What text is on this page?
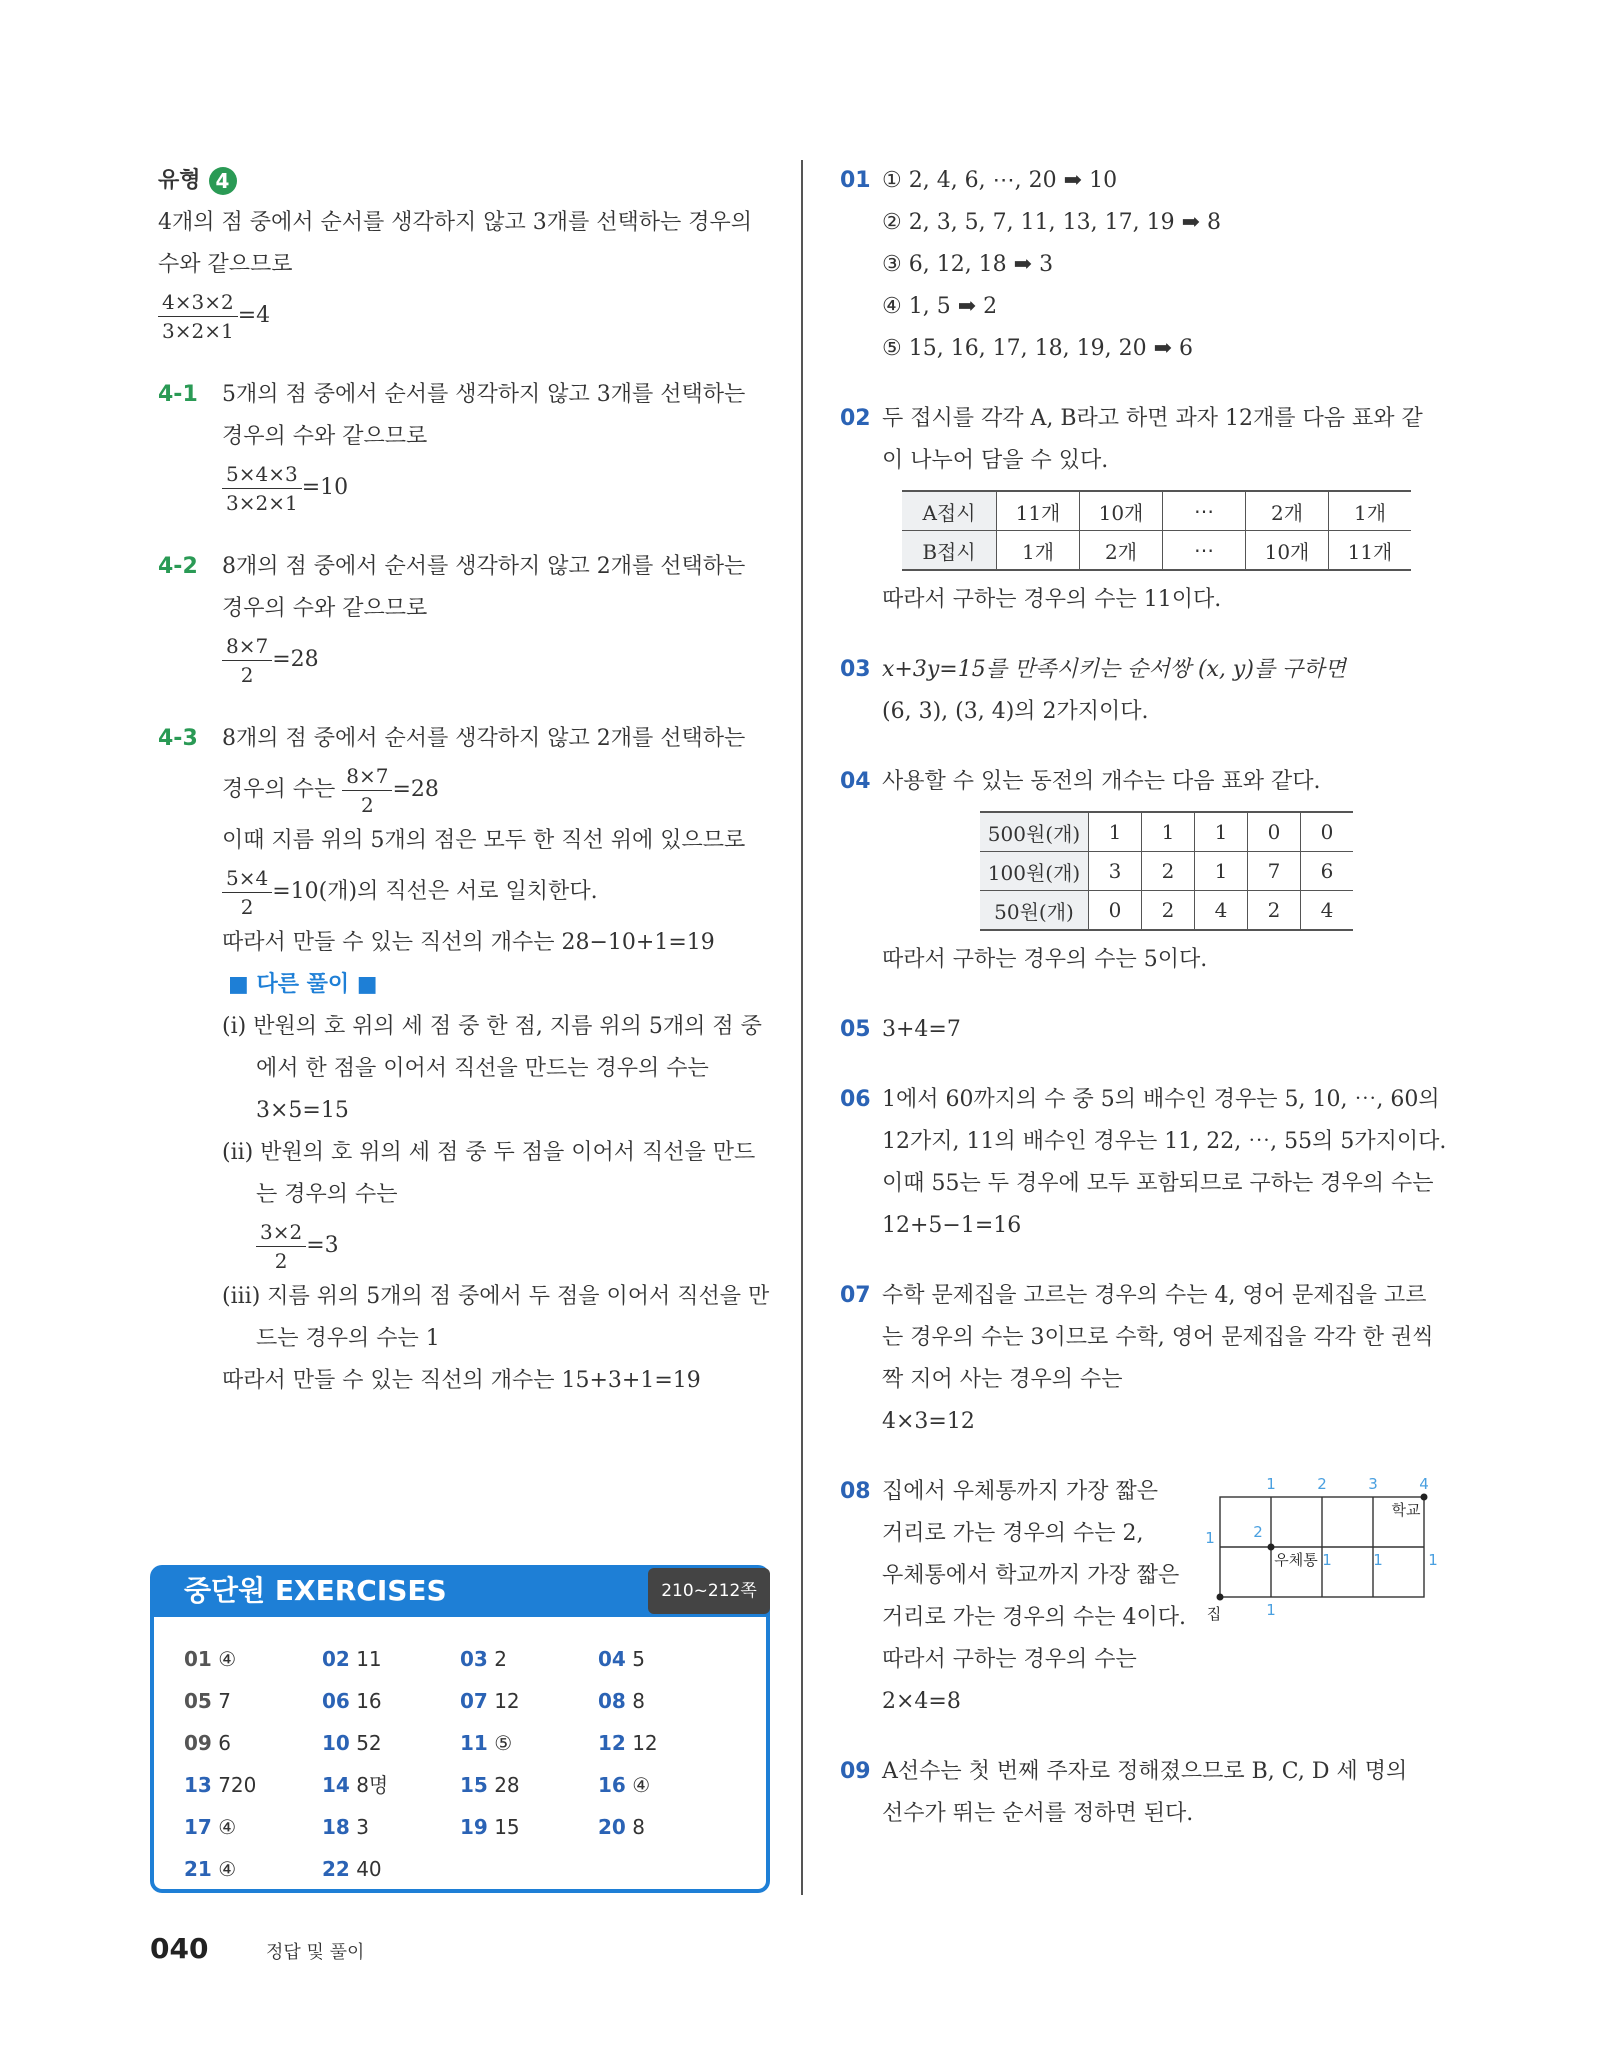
유형 4
4개의 점 중에서 순서를 생각하지 않고 3개를 선택하는 경우의
수와 같으므로
$\frac{4\times 3\times 2}{3\times 2\times 1} =4$
4-1	5개의 점 중에서 순서를 생각하지 않고 3개를 선택하는
경우의 수와 같으므로
$\frac{5\times 4\times 3}{3\times 2\times 1} =10$
4-2	8개의 점 중에서 순서를 생각하지 않고 2개를 선택하는
경우의 수와 같으므로
$\frac{8\times 7}{2} =28$
4-3	8개의 점 중에서 순서를 생각하지 않고 2개를 선택하는
경우의 수는 $\frac{8\times 7}{2} =28$
이때 지름 위의 5개의 점은 모두 한 직선 위에 있으므로
$\frac{5\times 4}{2} =10$(개)의 직선은 서로 일치한다.
따라서 만들 수 있는 직선의 개수는 28−10+1=19
■ 다른 풀이 ■
(ⅰ) 반원의 호 위의 세 점 중 한 점, 지름 위의 5개의 점 중
에서 한 점을 이어서 직선을 만드는 경우의 수는
3×5=15
(ⅱ) 반원의 호 위의 세 점 중 두 점을 이어서 직선을 만드
는 경우의 수는
$\frac{3\times 2}{2} =3$
(ⅲ) 지름 위의 5개의 점 중에서 두 점을 이어서 직선을 만
드는 경우의 수는 1
따라서 만들 수 있는 직선의 개수는 15+3+1=19
01 ① 2, 4, 6, ⋯, 20 ➡ 10
② 2, 3, 5, 7, 11, 13, 17, 19 ➡ 8
③ 6, 12, 18 ➡ 3
④ 1, 5 ➡ 2
⑤ 15, 16, 17, 18, 19, 20 ➡ 6
02 두 접시를 각각 A, B라고 하면 과자 12개를 다음 표와 같
이 나누어 담을 수 있다.
A접시	11개	10개	⋯	2개	1개
B접시	1개	2개	⋯	10개	11개
따라서 구하는 경우의 수는 11이다.
03 x+3y=15를 만족시키는 순서쌍 (x, y)를 구하면
(6, 3), (3, 4)의 2가지이다.
04 사용할 수 있는 동전의 개수는 다음 표와 같다.
500원(개)	1	1	1	0	0
100원(개)	3	2	1	7	6
50원(개)	0	2	4	2	4
따라서 구하는 경우의 수는 5이다.
05 3+4=7
06 1에서 60까지의 수 중 5의 배수인 경우는 5, 10, ⋯, 60의
12가지, 11의 배수인 경우는 11, 22, ⋯, 55의 5가지이다.
이때 55는 두 경우에 모두 포함되므로 구하는 경우의 수는
12+5−1=16
07 수학 문제집을 고르는 경우의 수는 4, 영어 문제집을 고르
는 경우의 수는 3이므로 수학, 영어 문제집을 각각 한 권씩
짝 지어 사는 경우의 수는
4×3=12
08 집에서 우체통까지 가장 짧은
거리로 가는 경우의 수는 2,
우체통에서 학교까지 가장 짧은
거리로 가는 경우의 수는 4이다.
따라서 구하는 경우의 수는
2×4=8
1	2	3	4
1	2
1	1	1
1
학교
우체통
집
09 A선수는 첫 번째 주자로 정해졌으므로 B, C, D 세 명의
선수가 뛰는 순서를 정하면 된다.
중단원 EXERCISES	210~212쪽
01 ④	02 11	03 2	04 5
05 7	06 16	07 12	08 8
09 6	10 52	11 ⑤	12 12
13 720	14 8명	15 28	16 ④
17 ④	18 3	19 15	20 8
21 ④	22 40
040	정답 및 풀이
